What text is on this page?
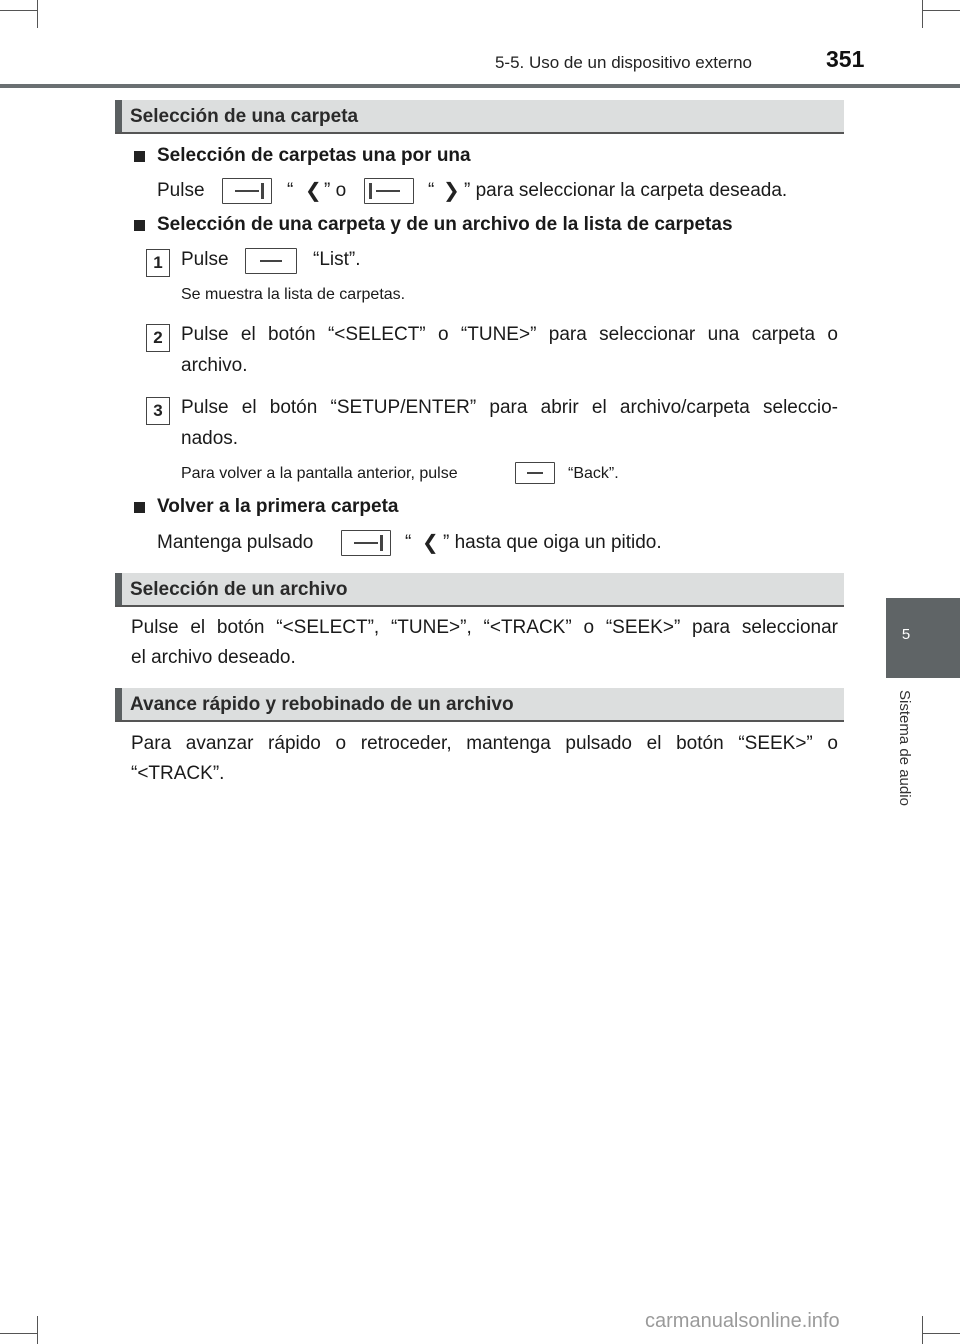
5-5. Uso de un dispositivo externo	351
5
Sistema de audio
Selección de una carpeta
Selección de carpetas una por una
Pulse	“ ❮ ” o	“ ❯ ” para seleccionar la carpeta deseada.
Selección de una carpeta y de un archivo de la lista de carpetas
1 Pulse	“List”.
Se muestra la lista de carpetas.
2 Pulse el botón “<SELECT” o “TUNE>” para seleccionar una carpeta o
archivo.
3 Pulse el botón “SETUP/ENTER” para abrir el archivo/carpeta seleccio-
nados.
Para volver a la pantalla anterior, pulse	“Back”.
Volver a la primera carpeta
Mantenga pulsado	“ ❮ ” hasta que oiga un pitido.
Selección de un archivo
Pulse el botón “<SELECT”, “TUNE>”, “<TRACK” o “SEEK>” para seleccionar
el archivo deseado.
Avance rápido y rebobinado de un archivo
Para avanzar rápido o retroceder, mantenga pulsado el botón “SEEK>” o
“<TRACK”.
carmanualsonline.info
